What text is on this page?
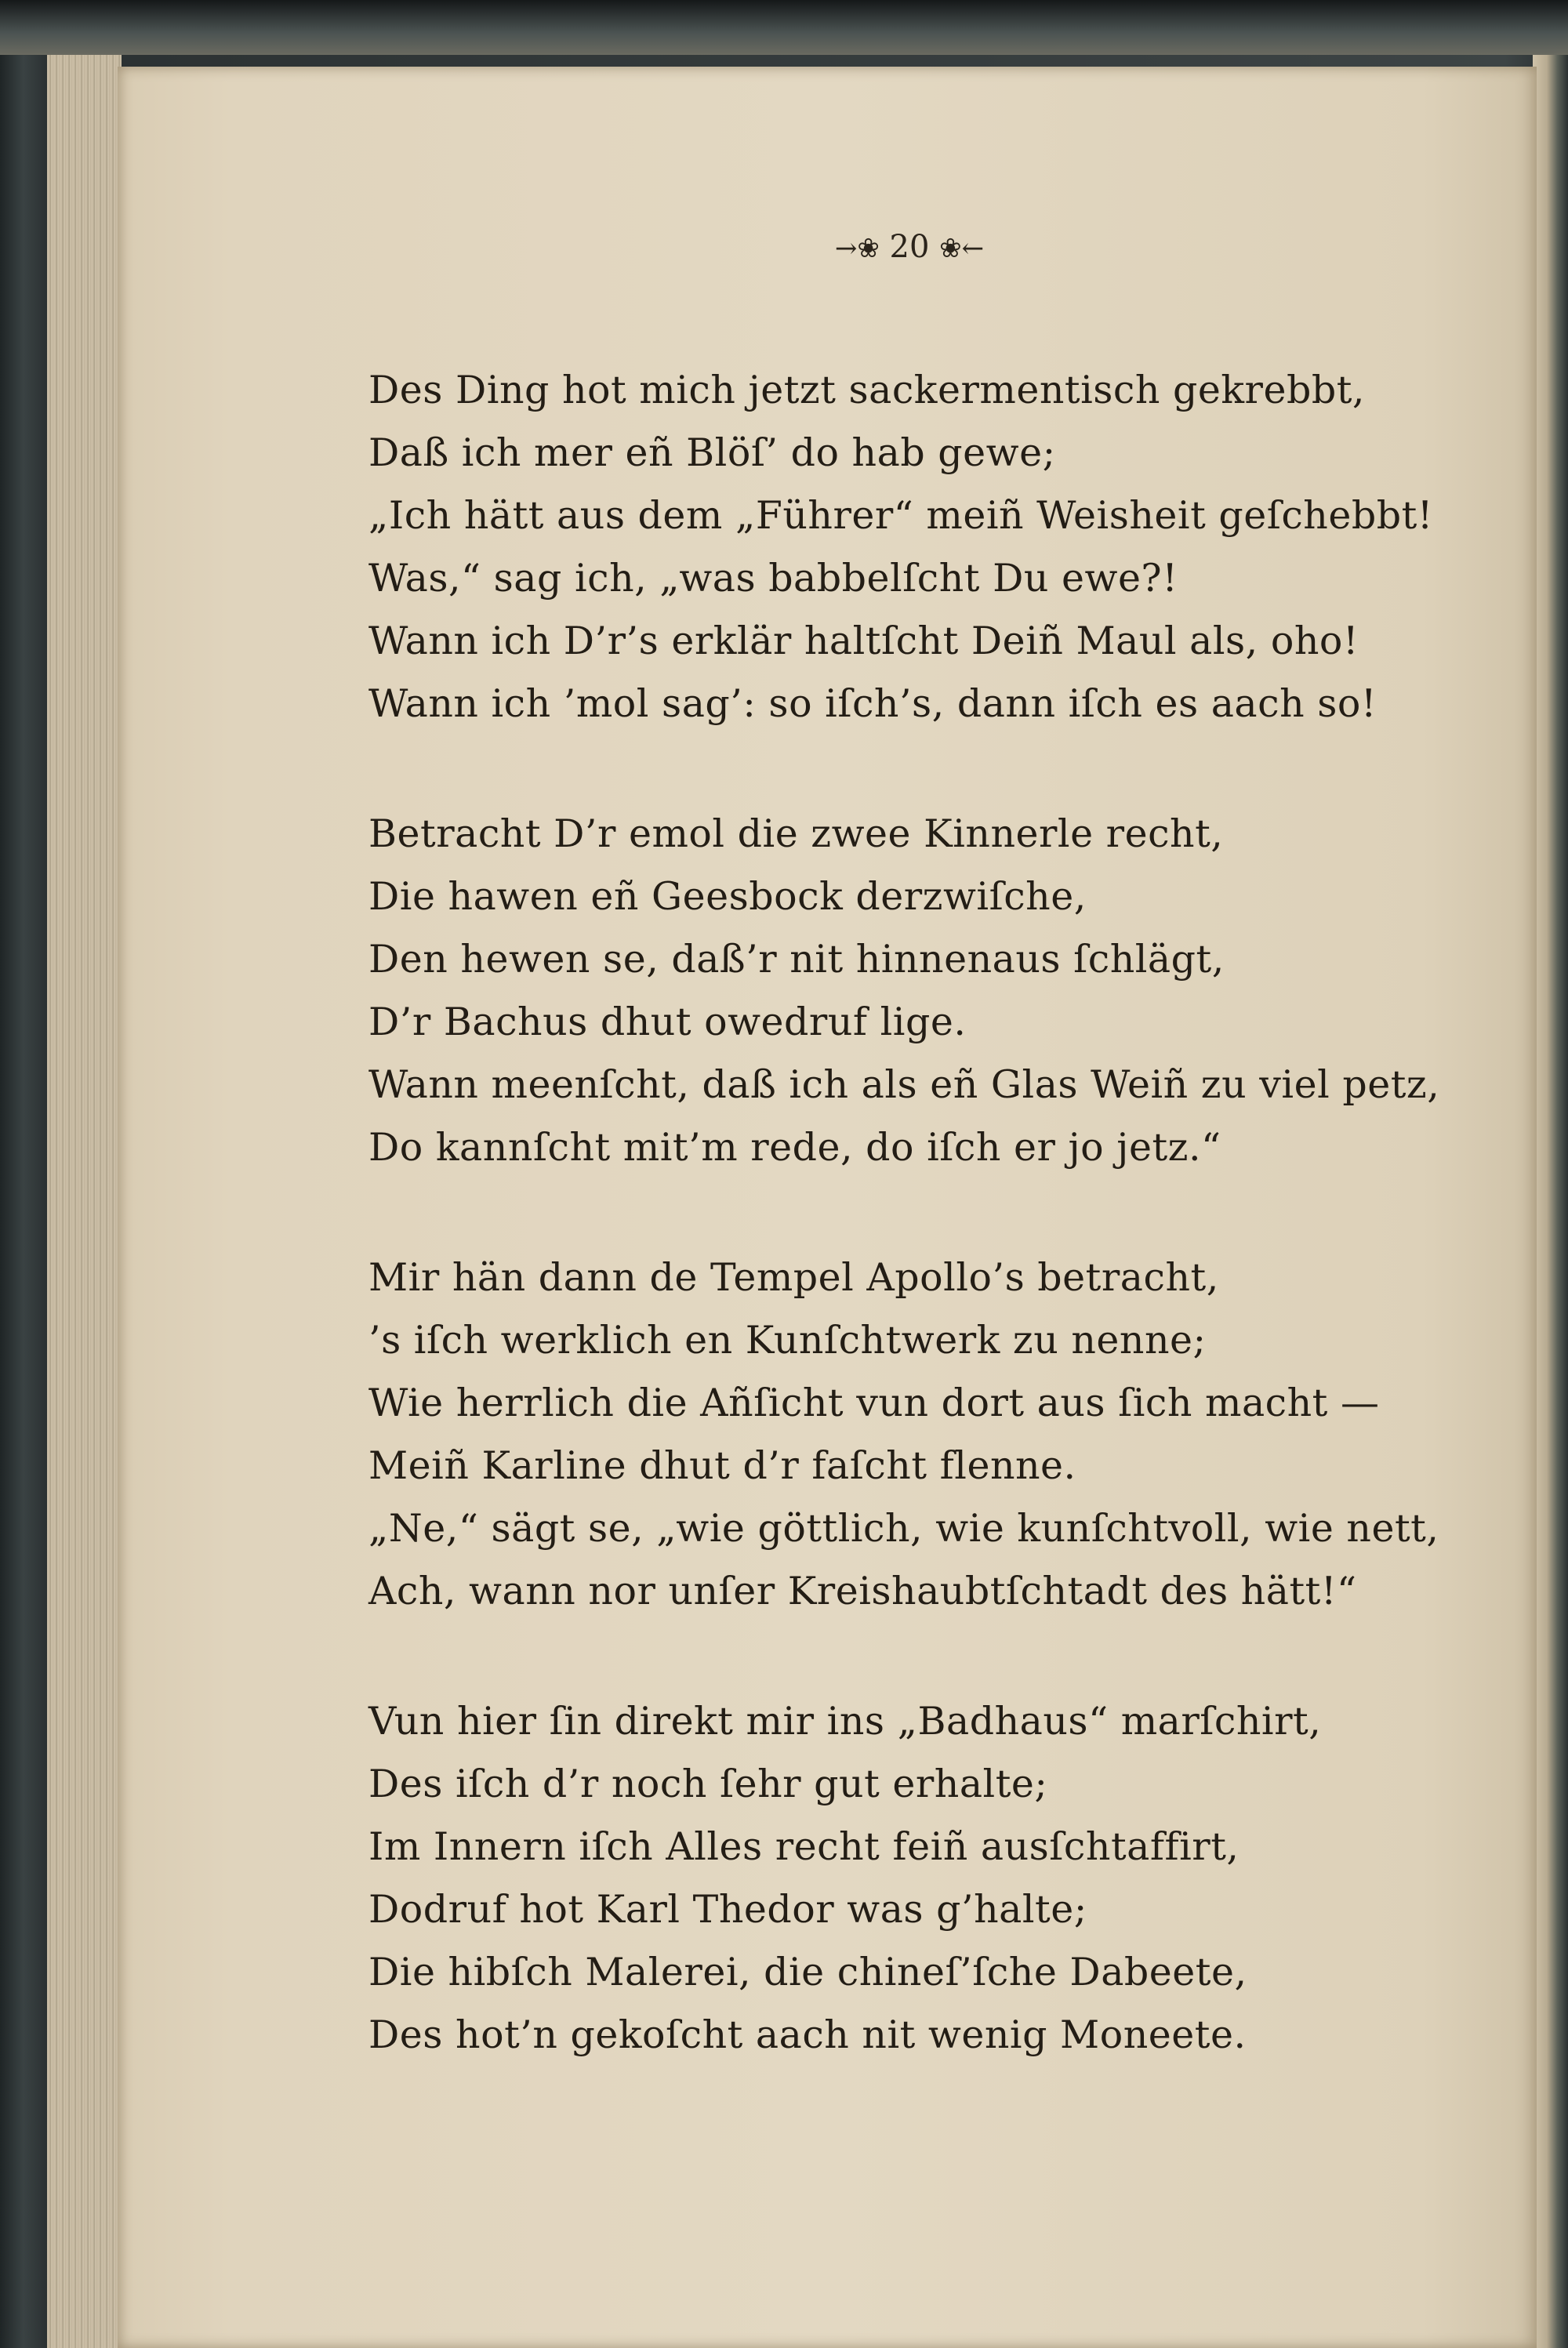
→❀ 20 ❀←
Des Ding hot mich jetzt sackermentisch gekrebbt,
Daß ich mer eñ Blöſ’ do hab gewe;
„Ich hätt aus dem „Führer“ meiñ Weisheit geſchebbt!
Was,“ sag ich, „was babbelſcht Du ewe?!
Wann ich D’r’s erklär haltſcht Deiñ Maul als, oho!
Wann ich ’mol sag’: so iſch’s, dann iſch es aach so!
Betracht D’r emol die zwee Kinnerle recht,
Die hawen eñ Geesbock derzwiſche,
Den hewen se, daß’r nit hinnenaus ſchlägt,
D’r Bachus dhut owedruf lige.
Wann meenſcht, daß ich als eñ Glas Weiñ zu viel petz,
Do kannſcht mit’m rede, do iſch er jo jetz.“
Mir hän dann de Tempel Apollo’s betracht,
’s iſch werklich en Kunſchtwerk zu nenne;
Wie herrlich die Añſicht vun dort aus ſich macht —
Meiñ Karline dhut d’r faſcht flenne.
„Ne,“ sägt se, „wie göttlich, wie kunſchtvoll, wie nett,
Ach, wann nor unſer Kreishaubtſchtadt des hätt!“
Vun hier ſin direkt mir ins „Badhaus“ marſchirt,
Des iſch d’r noch ſehr gut erhalte;
Im Innern iſch Alles recht feiñ ausſchtaffirt,
Dodruf hot Karl Thedor was g’halte;
Die hibſch Malerei, die chineſ’ſche Dabeete,
Des hot’n gekoſcht aach nit wenig Moneete.
